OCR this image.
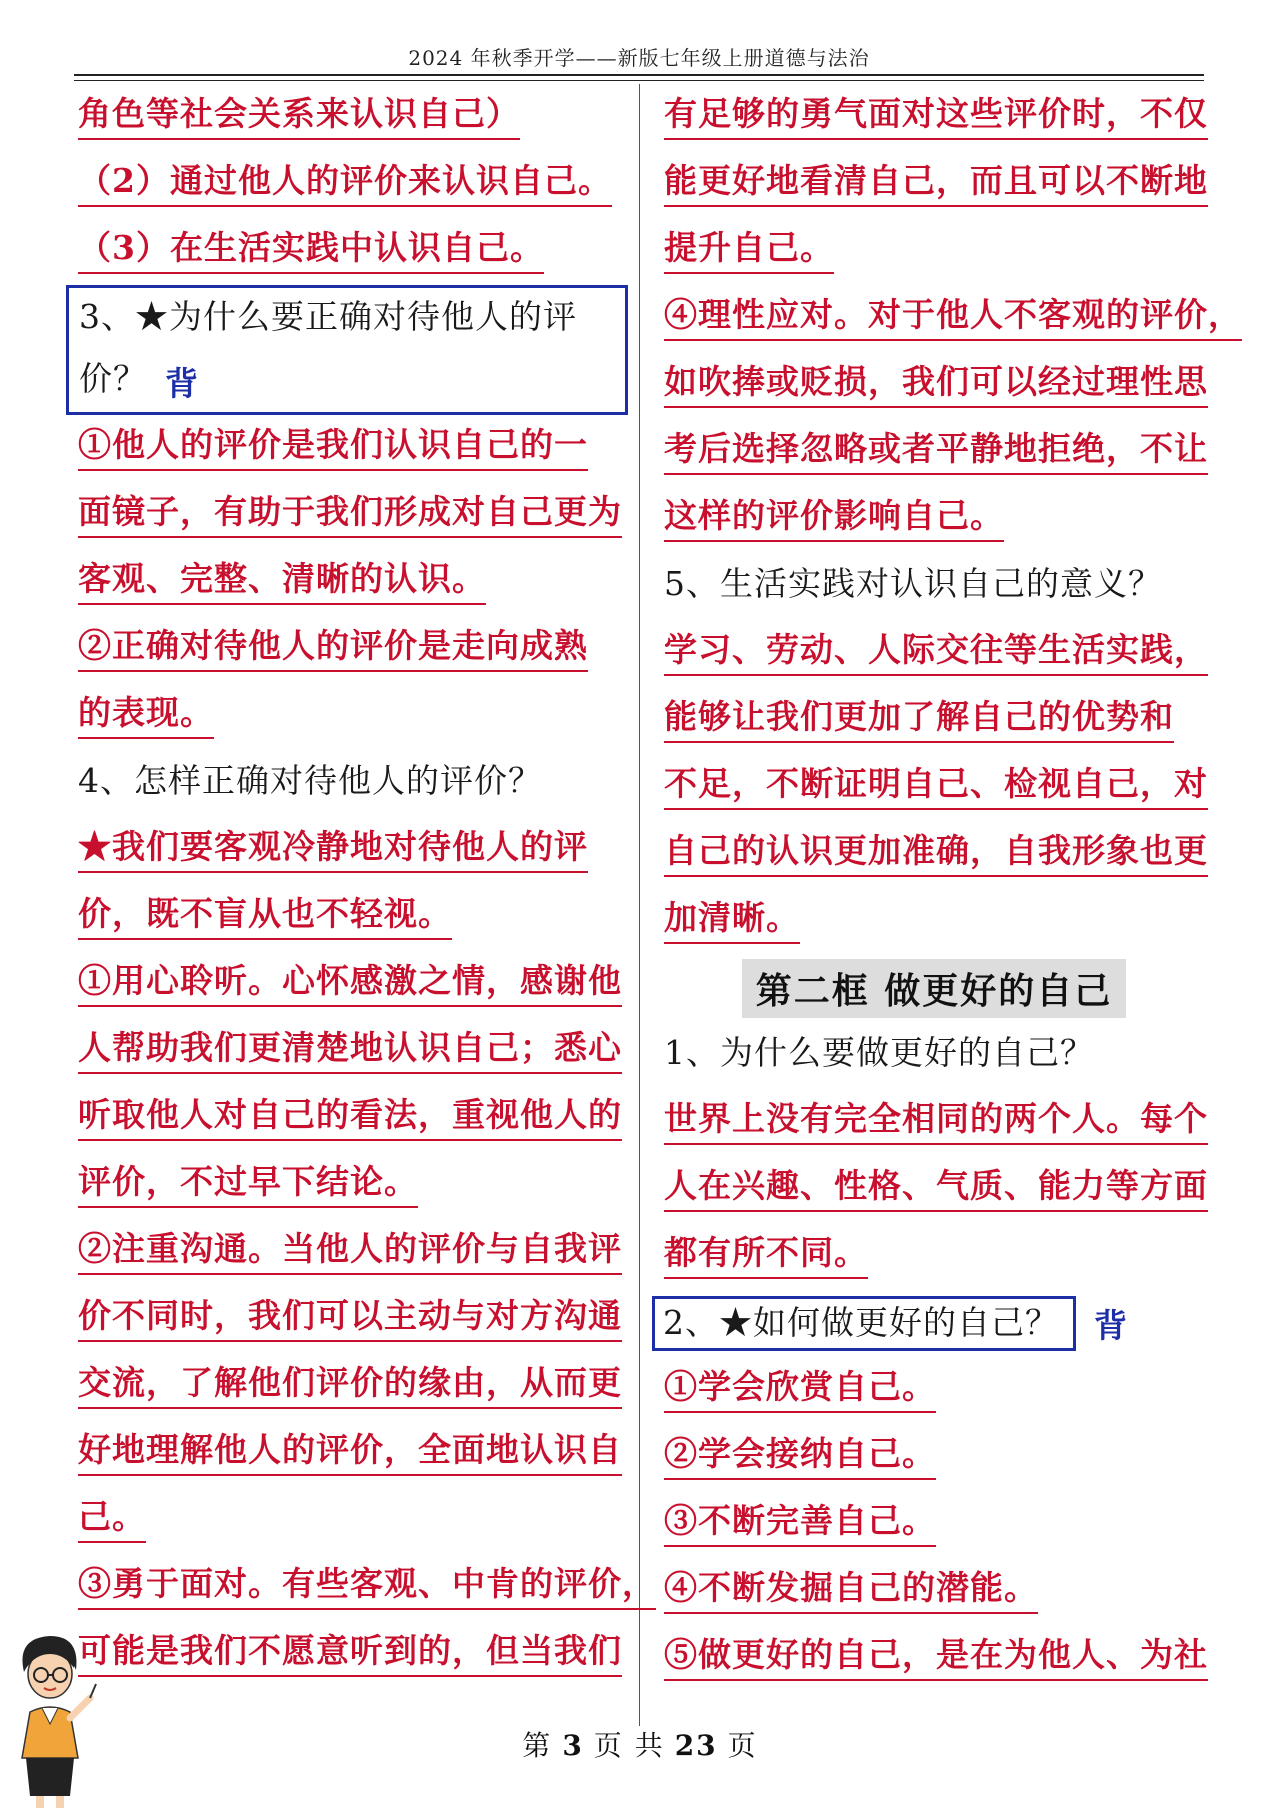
2024 年秋季开学——新版七年级上册道德与法治
角色等社会关系来认识自己）
（2）通过他人的评价来认识自己。
（3）在生活实践中认识自己。
3、★为什么要正确对待他人的评
价？ 背
①他人的评价是我们认识自己的一
面镜子，有助于我们形成对自己更为
客观、完整、清晰的认识。
②正确对待他人的评价是走向成熟
的表现。
4、怎样正确对待他人的评价？
★我们要客观冷静地对待他人的评
价，既不盲从也不轻视。
①用心聆听。心怀感激之情，感谢他
人帮助我们更清楚地认识自己；悉心
听取他人对自己的看法，重视他人的
评价，不过早下结论。
②注重沟通。当他人的评价与自我评
价不同时，我们可以主动与对方沟通
交流，了解他们评价的缘由，从而更
好地理解他人的评价，全面地认识自
己。
③勇于面对。有些客观、中肯的评价，
可能是我们不愿意听到的，但当我们
有足够的勇气面对这些评价时，不仅
能更好地看清自己，而且可以不断地
提升自己。
④理性应对。对于他人不客观的评价，
如吹捧或贬损，我们可以经过理性思
考后选择忽略或者平静地拒绝，不让
这样的评价影响自己。
5、生活实践对认识自己的意义？
学习、劳动、人际交往等生活实践，
能够让我们更加了解自己的优势和
不足，不断证明自己、检视自己，对
自己的认识更加准确，自我形象也更
加清晰。
第二框 做更好的自己
1、为什么要做更好的自己？
世界上没有完全相同的两个人。每个
人在兴趣、性格、气质、能力等方面
都有所不同。
2、★如何做更好的自己？	背
①学会欣赏自己。
②学会接纳自己。
③不断完善自己。
④不断发掘自己的潜能。
⑤做更好的自己，是在为他人、为社
第 3 页 共 23 页
